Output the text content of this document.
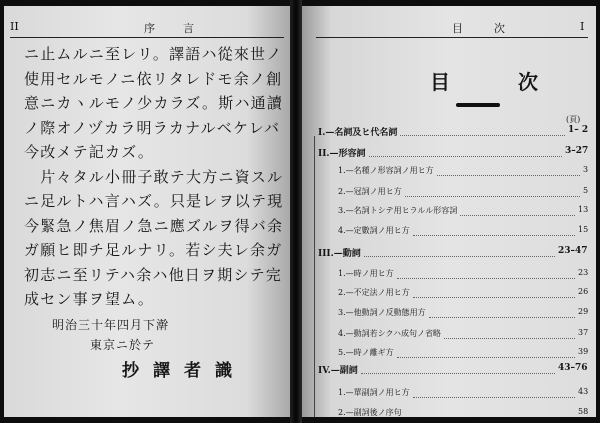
II	序　　言
ニ止ムルニ至レリ。譯語ハ從來世ノ
使用セルモノニ依リタレドモ余ノ創
意ニカヽルモノ少カラズ。斯ハ通讀
ノ際オノヅカラ明ラカナルベケレバ
今改メテ記カズ。
　片々タル小冊子敢テ大方ニ資スル
ニ足ルトハ言ハズ。只是レヲ以テ現
今緊急ノ焦眉ノ急ニ應ズルヲ得バ余
ガ願ヒ即チ足ルナリ。若シ夫レ余ガ
初志ニ至リテハ余ハ他日ヲ期シテ完
成セン事ヲ望ム。
明治三十年四月下澣
東京ニ於テ
抄譯者識
目　　次	I
目　次
(頁)
I.—名詞及ヒ代名詞	1– 2
II.—形容詞	3–27
1.—名種ノ形容詞ノ用ヒ方	3
2.—冠詞ノ用ヒ方	5
3.—名詞トシテ用ヒラルル形容詞	13
4.—定數詞ノ用ヒ方	15
III.—動詞	23–47
1.—時ノ用ヒ方	23
2.—不定法ノ用ヒ方	26
3.—他動詞ノ反動態用方	29
4.—動詞若シクハ成句ノ省略	37
5.—時ノ離ギ方	39
IV.—副詞	43–76
1.—單副詞ノ用ヒ方	43
2.—副詞後ノ序句	58
